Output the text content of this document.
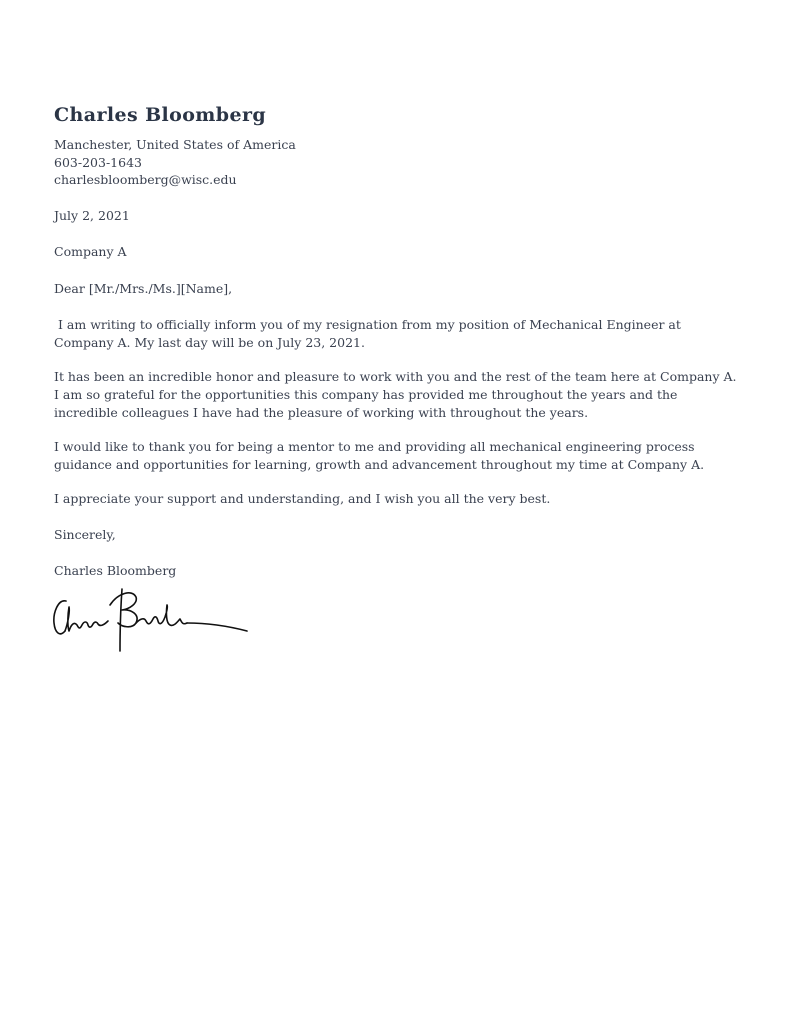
Charles Bloomberg
Manchester, United States of America
603-203-1643
charlesbloomberg@wisc.edu
July 2, 2021
Company A
Dear [Mr./Mrs./Ms.][Name],
I am writing to officially inform you of my resignation from my position of Mechanical Engineer at Company A. My last day will be on July 23, 2021.
It has been an incredible honor and pleasure to work with you and the rest of the team here at Company A. I am so grateful for the opportunities this company has provided me throughout the years and the incredible colleagues I have had the pleasure of working with throughout the years.
I would like to thank you for being a mentor to me and providing all mechanical engineering process guidance and opportunities for learning, growth and advancement throughout my time at Company A.
I appreciate your support and understanding, and I wish you all the very best.
Sincerely,
Charles Bloomberg
